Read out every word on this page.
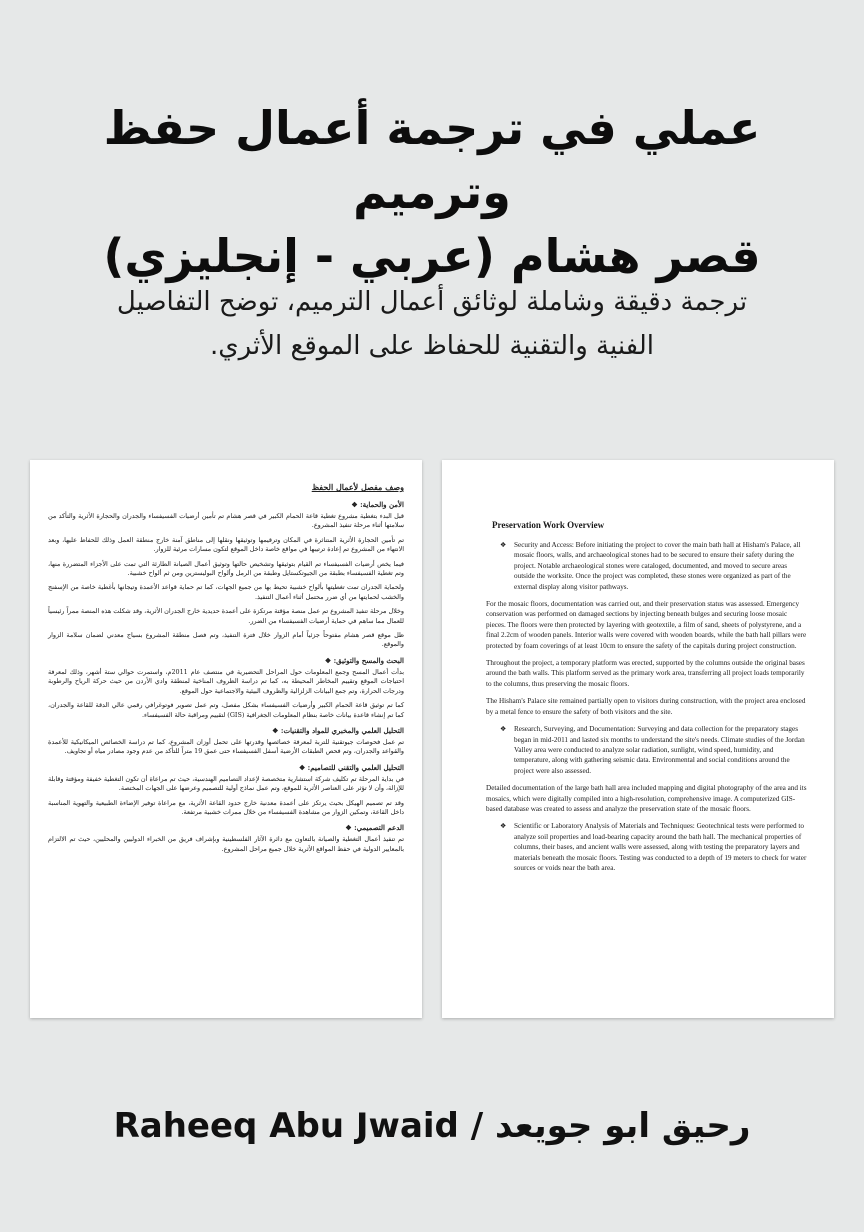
عملي في ترجمة أعمال حفظ وترميم
قصر هشام (عربي - إنجليزي)
ترجمة دقيقة وشاملة لوثائق أعمال الترميم، توضح التفاصيل
الفنية والتقنية للحفاظ على الموقع الأثري.
وصف مفصل لأعمال الحفظ
الأمن والحماية: ❖

قبل البدء بتغطية مشروع تغطية قاعة الحمام الكبير في قصر هشام تم تأمين أرضيات الفسيفساء والجدران والحجارة الأثرية والتأكد من سلامتها أثناء مرحلة تنفيذ المشروع.

تم تأمين الحجارة الأثرية المتناثرة في المكان وترقيمها وتوثيقها ونقلها إلى مناطق آمنة خارج منطقة العمل وذلك للحفاظ عليها، وبعد الانتهاء من المشروع تم إعادة ترتيبها في مواقع خاصة داخل الموقع لتكون مسارات مرئية للزوار.

فيما يخص أرضيات الفسيفساء تم القيام بتوثيقها وتشخيص حالتها وتوثيق أعمال الصيانة الطارئة التي تمت على الأجزاء المتضررة منها، وتم تغطية الفسيفساء بطبقة من الجيوتكستايل وطبقة من الرمل وألواح البوليسترين ومن ثم ألواح خشبية.

ولحماية الجدران تمت تغطيتها بألواح خشبية تحيط بها من جميع الجهات، كما تم حماية قواعد الأعمدة وتيجانها بأغطية خاصة من الإسفنج والخشب لحمايتها من أي ضرر محتمل أثناء أعمال التنفيذ.

وخلال مرحلة تنفيذ المشروع تم عمل منصة مؤقتة مرتكزة على أعمدة حديدية خارج الجدران الأثرية، وقد شكلت هذه المنصة ممراً رئيسياً للعمال مما ساهم في حماية أرضيات الفسيفساء من الضرر.

ظل موقع قصر هشام مفتوحاً جزئياً أمام الزوار خلال فترة التنفيذ، وتم فصل منطقة المشروع بسياج معدني لضمان سلامة الزوار والموقع.

البحث والمسح والتوثيق: ❖

بدأت أعمال المسح وجمع المعلومات حول المراحل التحضيرية في منتصف عام 2011م، واستمرت حوالي ستة أشهر، وذلك لمعرفة احتياجات الموقع وتقييم المخاطر المحيطة به، كما تم دراسة الظروف المناخية لمنطقة وادي الأردن من حيث حركة الرياح والرطوبة ودرجات الحرارة، وتم جمع البيانات الزلزالية والظروف البيئية والاجتماعية حول الموقع.

كما تم توثيق قاعة الحمام الكبير وأرضيات الفسيفساء بشكل مفصل، وتم عمل تصوير فوتوغرافي رقمي عالي الدقة للقاعة والجدران، كما تم إنشاء قاعدة بيانات خاصة بنظام المعلومات الجغرافية (GIS) لتقييم ومراقبة حالة الفسيفساء.

التحليل العلمي والمخبري للمواد والتقنيات: ❖

تم عمل فحوصات جيوتقنية للتربة لمعرفة خصائصها وقدرتها على تحمل أوزان المشروع، كما تم دراسة الخصائص الميكانيكية للأعمدة والقواعد والجدران، وتم فحص الطبقات الأرضية أسفل الفسيفساء حتى عمق 19 متراً للتأكد من عدم وجود مصادر مياه أو تجاويف.

التحليل العلمي والتقني للتصاميم: ❖

في بداية المرحلة تم تكليف شركة استشارية متخصصة لإعداد التصاميم الهندسية، حيث تم مراعاة أن تكون التغطية خفيفة ومؤقتة وقابلة للإزالة، وأن لا تؤثر على العناصر الأثرية للموقع، وتم عمل نماذج أولية للتصميم وعرضها على الجهات المختصة.

وقد تم تصميم الهيكل بحيث يرتكز على أعمدة معدنية خارج حدود القاعة الأثرية، مع مراعاة توفير الإضاءة الطبيعية والتهوية المناسبة داخل القاعة، وتمكين الزوار من مشاهدة الفسيفساء من خلال ممرات خشبية مرتفعة.

الدعم التصميمي: ❖

تم تنفيذ أعمال التغطية والصيانة بالتعاون مع دائرة الآثار الفلسطينية وبإشراف فريق من الخبراء الدوليين والمحليين، حيث تم الالتزام بالمعايير الدولية في حفظ المواقع الأثرية خلال جميع مراحل المشروع.

Preservation Work Overview

❖ Security and Access: Before initiating the project to cover the main bath hall at Hisham's Palace, all mosaic floors, walls, and archaeological stones had to be secured to ensure their safety during the project. Notable archaeological stones were cataloged, documented, and moved to secure areas outside the worksite. Once the project was completed, these stones were organized as part of the external display along visitor pathways.

For the mosaic floors, documentation was carried out, and their preservation status was assessed. Emergency conservation was performed on damaged sections by injecting beneath bulges and securing loose mosaic pieces. The floors were then protected by layering with geotextile, a film of sand, sheets of polystyrene, and a final 2.2cm of wooden panels. Interior walls were covered with wooden boards, while the bath hall pillars were protected by foam coverings of at least 10cm to ensure the safety of the capitals during project construction.

Throughout the project, a temporary platform was erected, supported by the columns outside the original bases around the bath walls. This platform served as the primary work area, transferring all project loads temporarily to the columns, thus preserving the mosaic floors.

The Hisham's Palace site remained partially open to visitors during construction, with the project area enclosed by a metal fence to ensure the safety of both visitors and the site.

❖ Research, Surveying, and Documentation: Surveying and data collection for the preparatory stages began in mid-2011 and lasted six months to understand the site's needs. Climate studies of the Jordan Valley area were conducted to analyze solar radiation, sunlight, wind speed, humidity, and temperature, along with gathering seismic data. Environmental and social conditions around the project were also assessed.

Detailed documentation of the large bath hall area included mapping and digital photography of the area and its mosaics, which were digitally compiled into a high-resolution, comprehensive image. A computerized GIS-based database was created to assess and analyze the preservation state of the mosaic floors.

❖ Scientific or Laboratory Analysis of Materials and Techniques: Geotechnical tests were performed to analyze soil properties and load-bearing capacity around the bath hall. The mechanical properties of columns, their bases, and ancient walls were assessed, along with testing the preparatory layers and materials beneath the mosaic floors. Testing was conducted to a depth of 19 meters to check for water sources or voids near the bath area.

Raheeq Abu Jwaid / رحيق ابو جويعد
